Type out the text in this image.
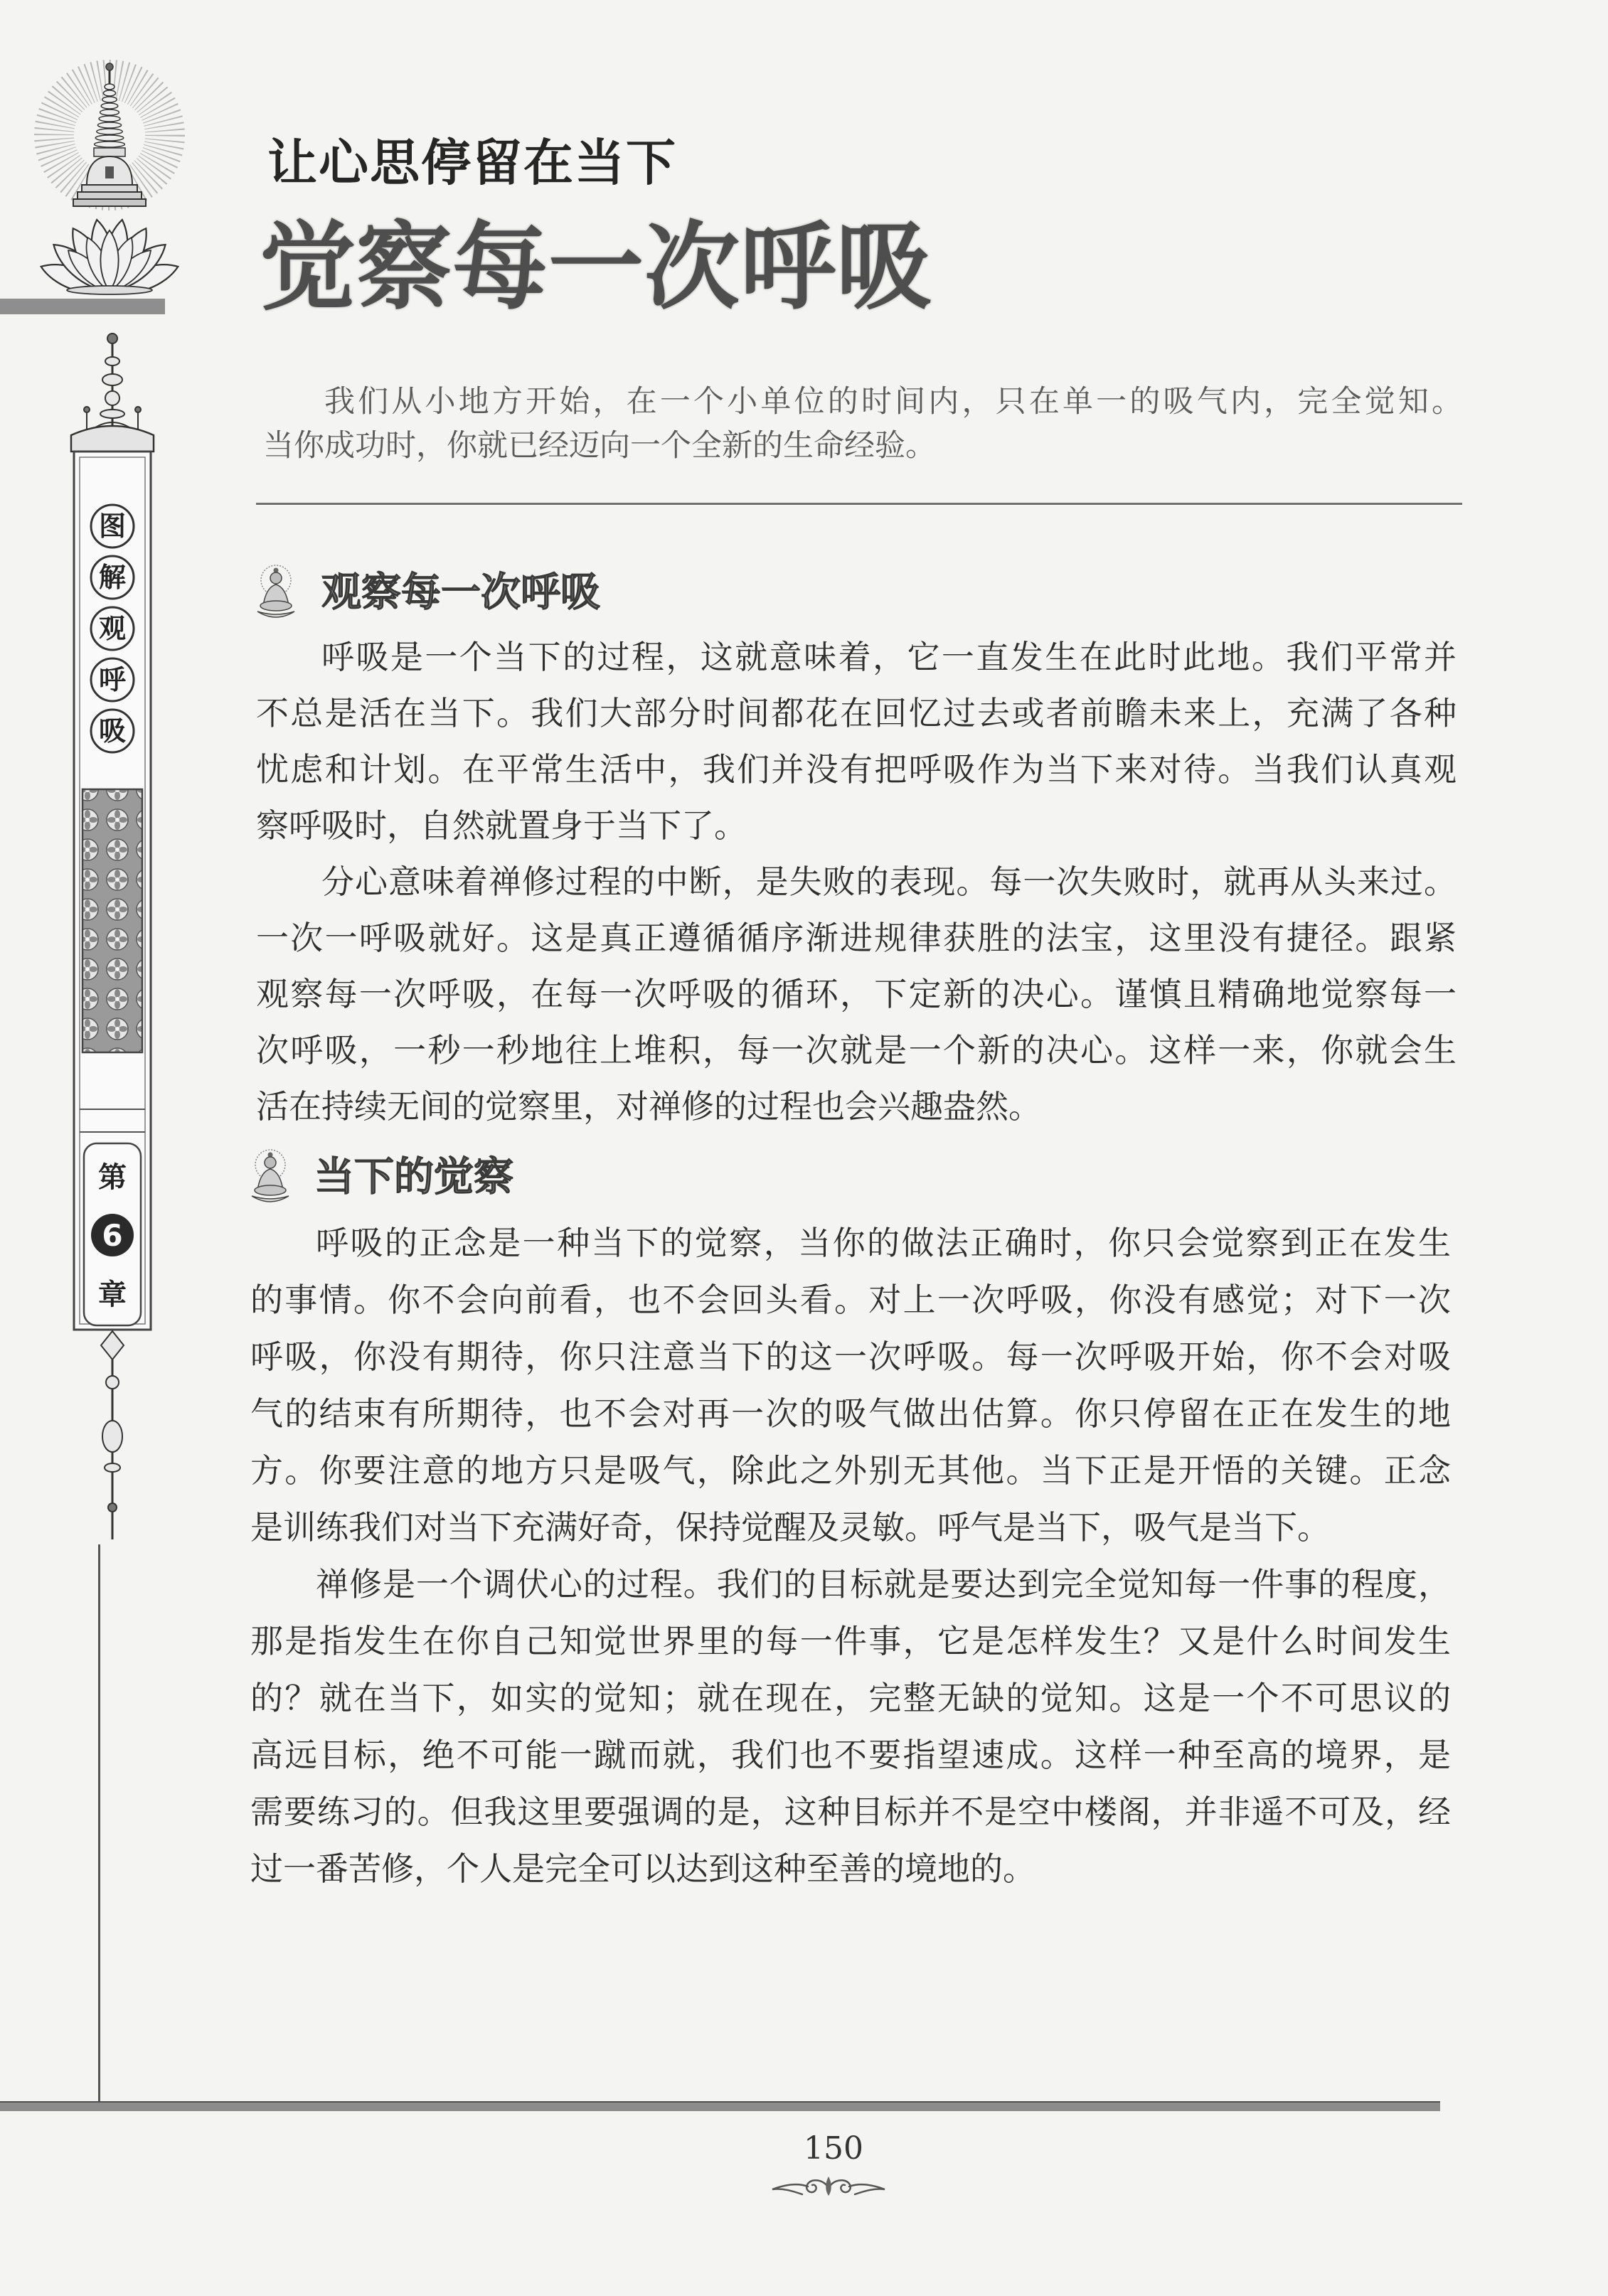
图
解
观
呼
吸
第
6
章
让心思停留在当下
觉察每一次呼吸
我们从小地方开始，在一个小单位的时间内，只在单一的吸气内，完全觉知。
当你成功时，你就已经迈向一个全新的生命经验。
观察每一次呼吸
呼吸是一个当下的过程，这就意味着，它一直发生在此时此地。我们平常并
不总是活在当下。我们大部分时间都花在回忆过去或者前瞻未来上，充满了各种
忧虑和计划。在平常生活中，我们并没有把呼吸作为当下来对待。当我们认真观
察呼吸时，自然就置身于当下了。
分心意味着禅修过程的中断，是失败的表现。每一次失败时，就再从头来过。
一次一呼吸就好。这是真正遵循循序渐进规律获胜的法宝，这里没有捷径。跟紧
观察每一次呼吸，在每一次呼吸的循环，下定新的决心。谨慎且精确地觉察每一
次呼吸，一秒一秒地往上堆积，每一次就是一个新的决心。这样一来，你就会生
活在持续无间的觉察里，对禅修的过程也会兴趣盎然。
当下的觉察
呼吸的正念是一种当下的觉察，当你的做法正确时，你只会觉察到正在发生
的事情。你不会向前看，也不会回头看。对上一次呼吸，你没有感觉；对下一次
呼吸，你没有期待，你只注意当下的这一次呼吸。每一次呼吸开始，你不会对吸
气的结束有所期待，也不会对再一次的吸气做出估算。你只停留在正在发生的地
方。你要注意的地方只是吸气，除此之外别无其他。当下正是开悟的关键。正念
是训练我们对当下充满好奇，保持觉醒及灵敏。呼气是当下，吸气是当下。
禅修是一个调伏心的过程。我们的目标就是要达到完全觉知每一件事的程度，
那是指发生在你自己知觉世界里的每一件事，它是怎样发生？又是什么时间发生
的？就在当下，如实的觉知；就在现在，完整无缺的觉知。这是一个不可思议的
高远目标，绝不可能一蹴而就，我们也不要指望速成。这样一种至高的境界，是
需要练习的。但我这里要强调的是，这种目标并不是空中楼阁，并非遥不可及，经
过一番苦修，个人是完全可以达到这种至善的境地的。
150
